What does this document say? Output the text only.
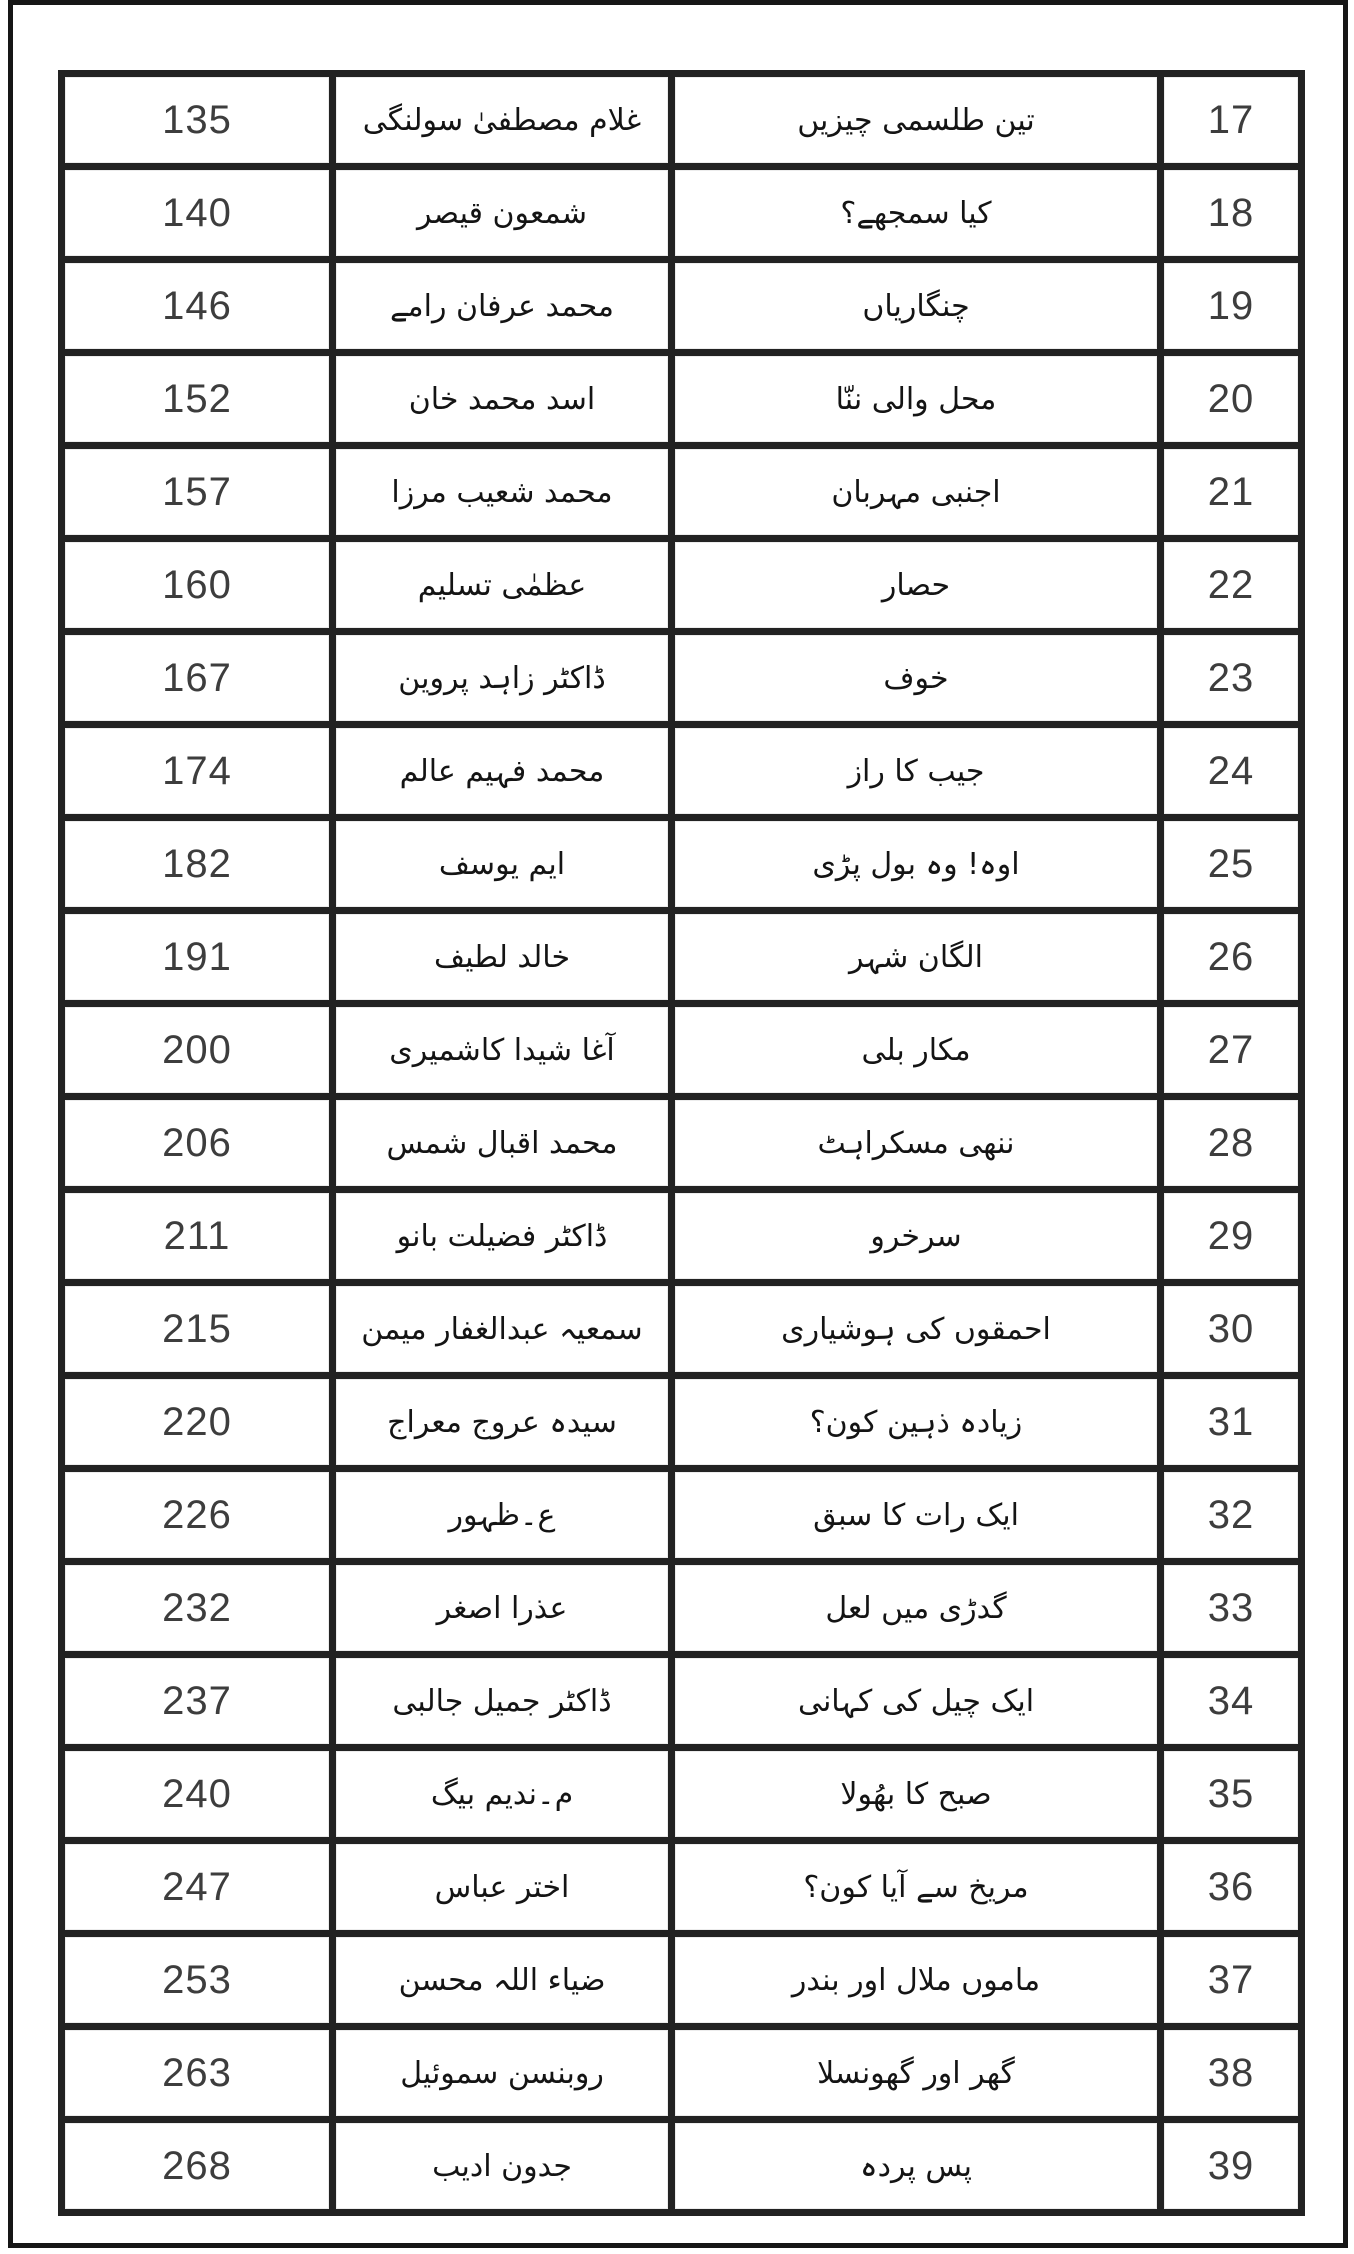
17	تین طلسمی چیزیں	غلام مصطفیٰ سولنگی	135
18	کیا سمجھے؟	شمعون قیصر	140
19	چنگاریاں	محمد عرفان رامے	146
20	محل والی ننّا	اسد محمد خان	152
21	اجنبی مہربان	محمد شعیب مرزا	157
22	حصار	عظمٰی تسلیم	160
23	خوف	ڈاکٹر زاہد پروین	167
24	جیب کا راز	محمد فہیم عالم	174
25	اوہ! وہ بول پڑی	ایم یوسف	182
26	الگان شہر	خالد لطیف	191
27	مکار بلی	آغا شیدا کاشمیری	200
28	ننھی مسکراہٹ	محمد اقبال شمس	206
29	سرخرو	ڈاکٹر فضیلت بانو	211
30	احمقوں کی ہوشیاری	سمعیہ عبدالغفار میمن	215
31	زیادہ ذہین کون؟	سیدہ عروج معراج	220
32	ایک رات کا سبق	ع۔ظہور	226
33	گدڑی میں لعل	عذرا اصغر	232
34	ایک چیل کی کہانی	ڈاکٹر جمیل جالبی	237
35	صبح کا بھُولا	م۔ندیم بیگ	240
36	مریخ سے آیا کون؟	اختر عباس	247
37	ماموں ملال اور بندر	ضیاء اللہ محسن	253
38	گھر اور گھونسلا	روبنسن سموئیل	263
39	پس پردہ	جدون ادیب	268
